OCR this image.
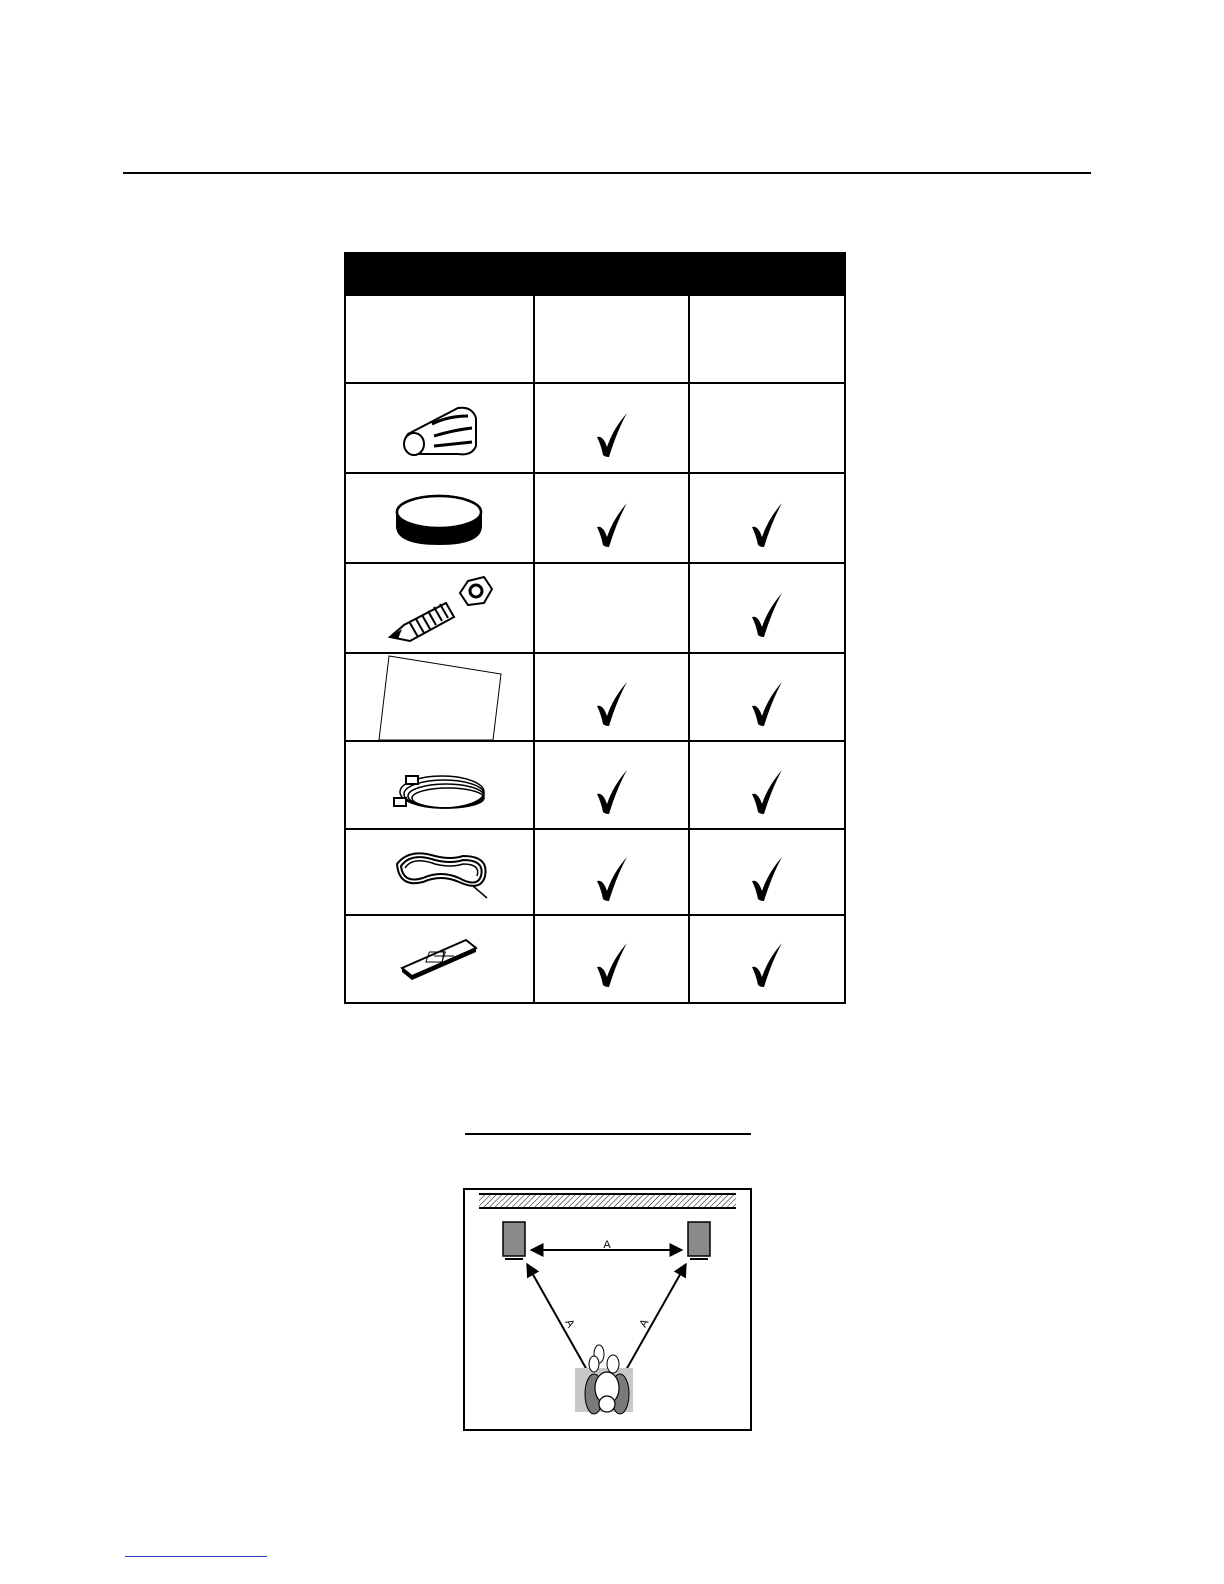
A
A	A
